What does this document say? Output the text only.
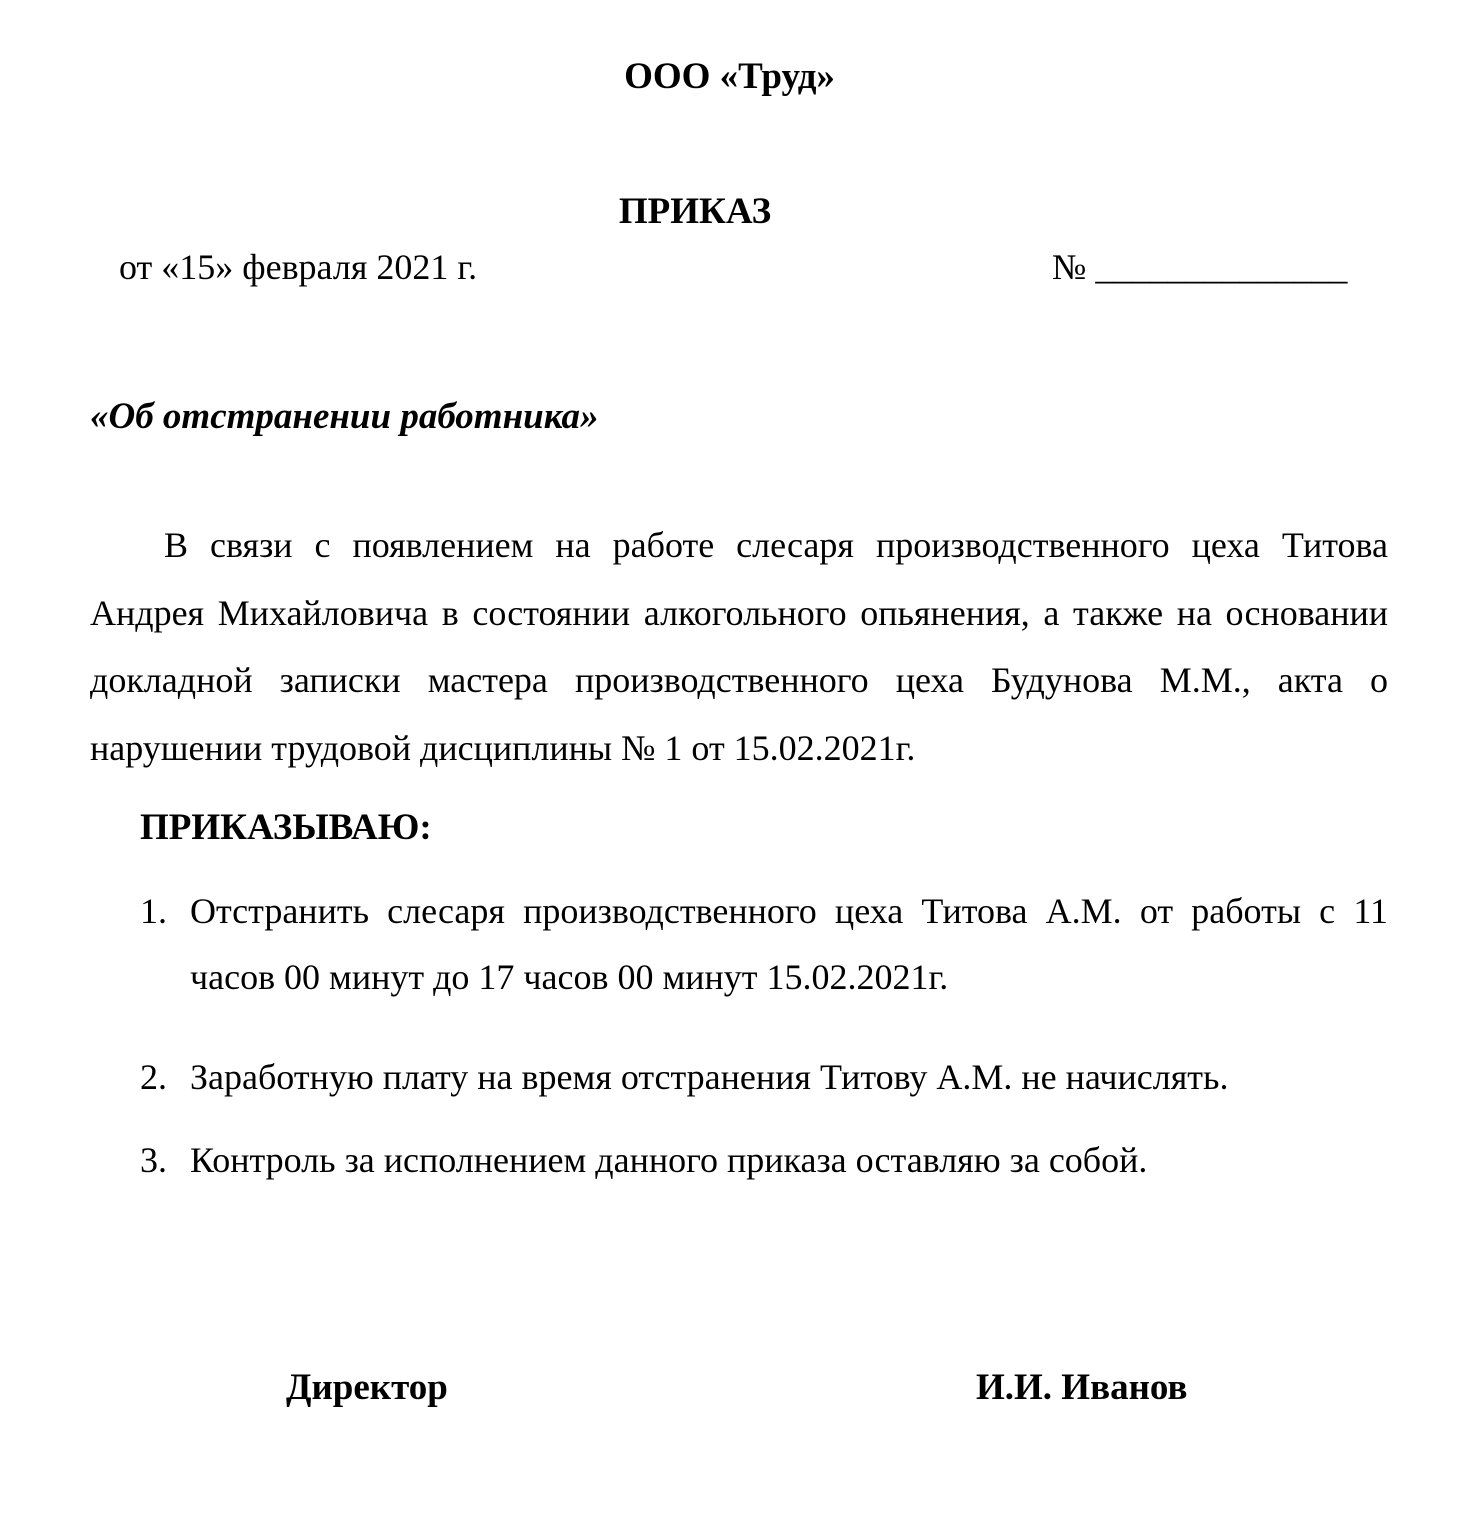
ООО «Труд»
ПРИКАЗ
от «15» февраля 2021 г.	№ ______________
«Об отстранении работника»

В связи с появлением на работе слесаря производственного цеха Титова Андрея Михайловича в состоянии алкогольного опьянения, а также на основании докладной записки мастера производственного цеха Будунова М.М., акта о нарушении трудовой дисциплины № 1 от 15.02.2021г.

ПРИКАЗЫВАЮ:
1. Отстранить слесаря производственного цеха Титова А.М. от работы с 11 часов 00 минут до 17 часов 00 минут 15.02.2021г.
2. Заработную плату на время отстранения Титову А.М. не начислять.
3. Контроль за исполнением данного приказа оставляю за собой.
Директор	И.И. Иванов
